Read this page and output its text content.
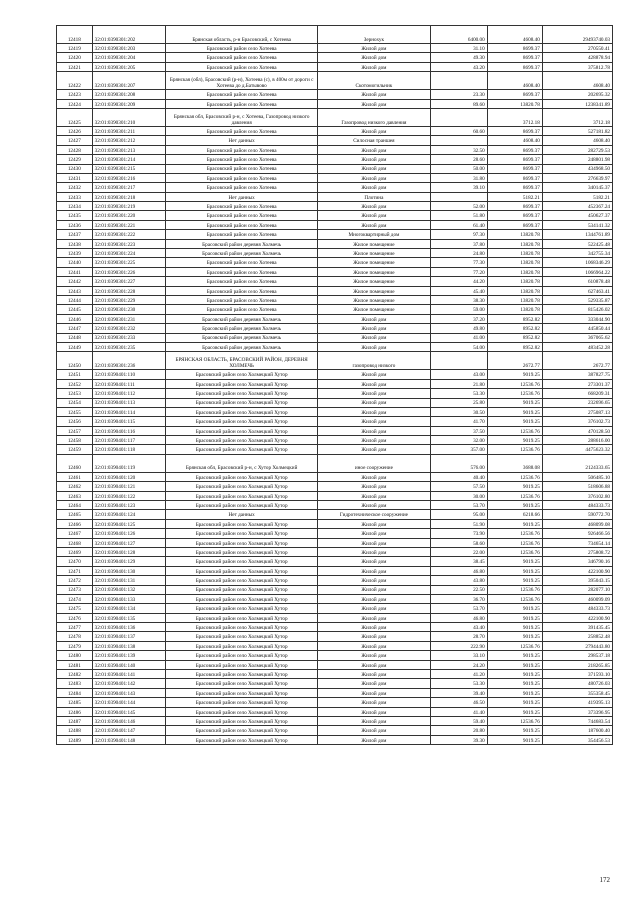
12418	32:01:0390301:202	Брянская область, р-н Брасовский, с Хотеева	Зернохук	6400.00	4608.40	29493740.03
12419	32:01:0390301:203	Брасовский район село Хотеева	Жилой дом	31.10	8699.37	270550.41
12420	32:01:0390301:204	Брасовский район село Хотеева	Жилой дом	49.30	8699.37	428878.94
12421	32:01:0390301:205	Брасовский район село Хотеева	Жилой дом	43.20	8699.37	375812.78
12422	32:01:0390301:207	Брянская (обл), Брасовский (р-н), Хотеева (с), в 400м от дороги с Хотеева до д.Батывово	Скотомогильник		4608.40	4608.40
12423	32:01:0390301:208	Брасовский район село Хотеева	Жилой дом	23.30	8699.37	202695.32
12424	32:01:0390301:209	Брасовский район село Хотеева	Жилой дом	89.60	13820.78	1238341.89
12425	32:01:0390301:210	Брянская обл, Брасовский р-н, с Хотеева, Газопровод низкого давления	Газопровод низкого давления		3712.18	3712.18
12426	32:01:0390301:211	Брасовский район село Хотеева	Жилой дом	60.60	8699.37	527181.82
12427	32:01:0390301:212	Нет данных	Силосная траншея		4608.40	4608.40
12428	32:01:0390301:213	Брасовский район село Хотеева	Жилой дом	32.50	8699.37	282729.53
12429	32:01:0390301:214	Брасовский район село Хотеева	Жилой дом	28.60	8699.37	248801.98
12430	32:01:0390301:215	Брасовский район село Хотеева	Жилой дом	50.00	8699.37	434968.50
12431	32:01:0390301:216	Брасовский район село Хотеева	Жилой дом	31.80	8699.37	276639.97
12432	32:01:0390301:217	Брасовский район село Хотеева	Жилой дом	39.10	8699.37	340145.37
12433	32:01:0390301:218	Нет данных	Плотина		5182.21	5182.21
12434	32:01:0390301:219	Брасовский район село Хотеева	Жилой дом	52.00	8699.37	452367.24
12435	32:01:0390301:220	Брасовский район село Хотеева	Жилой дом	51.80	8699.37	450627.37
12436	32:01:0390301:221	Брасовский район село Хотеева	Жилой дом	61.40	8699.37	534141.32
12437	32:01:0390301:222	Брасовский район село Хотеева	Многоквартирный дом	97.30	13820.78	1344761.89
12438	32:01:0390301:223	Брасовский район деревня Холмечь	Жилое помещение	37.80	13820.78	522425.48
12439	32:01:0390301:224	Брасовский район деревня Холмечь	Жилое помещение	24.80	13820.78	342755.34
12440	32:01:0390301:225	Брасовский район село Хотеева	Жилое помещение	77.30	13820.78	1068346.29
12441	32:01:0390301:226	Брасовский район село Хотеева	Жилое помещение	77.20	13820.78	1066964.22
12442	32:01:0390301:227	Брасовский район село Хотеева	Жилое помещение	44.20	13820.78	610878.48
12443	32:01:0390301:228	Брасовский район село Хотеева	Жилое помещение	45.40	13820.78	627463.41
12444	32:01:0390301:229	Брасовский район село Хотеева	Жилое помещение	38.30	13820.78	529335.87
12445	32:01:0390301:230	Брасовский район село Хотеева	Жилое помещение	59.00	13820.78	815426.02
12446	32:01:0390301:231	Брасовский район деревня Холмечь	Жилой дом	37.20	8952.82	333044.90
12447	32:01:0390301:232	Брасовский район деревня Холмечь	Жилой дом	49.80	8952.82	445850.44
12448	32:01:0390301:233	Брасовский район деревня Холмечь	Жилой дом	41.00	8952.82	367065.62
12449	32:01:0390301:235	Брасовский район деревня Холмечь	Жилой дом	54.00	8952.82	483452.28
12450	32:01:0390301:236	БРЯНСКАЯ ОБЛАСТЬ, БРАСОВСКИЙ РАЙОН, ДЕРЕВНЯ ХОЛМЕЧЬ	газопровод низкого		2672.77	2672.77
12451	32:01:0390401:110	Брасовский район село Холмецкий Хутор	Жилой дом	43.00	9019.25	387827.75
12452	32:01:0390401:111	Брасовский район село Холмецкий Хутор	Жилой дом	21.80	12536.76	273301.37
12453	32:01:0390401:112	Брасовский район село Холмецкий Хутор	Жилой дом	53.30	12536.76	668209.31
12454	32:01:0390401:113	Брасовский район село Холмецкий Хутор	Жилой дом	25.80	9019.25	232696.65
12455	32:01:0390401:114	Брасовский район село Холмецкий Хутор	Жилой дом	30.50	9019.25	275087.13
12456	32:01:0390401:115	Брасовский район село Холмецкий Хутор	Жилой дом	41.70	9019.25	376102.73
12457	32:01:0390401:116	Брасовский район село Холмецкий Хутор	Жилой дом	37.50	12536.76	470128.50
12458	32:01:0390401:117	Брасовский район село Холмецкий Хутор	Жилой дом	32.00	9019.25	288616.00
12459	32:01:0390401:118	Брасовский район село Холмецкий Хутор	Жилой дом	357.00	12536.76	4475623.32
12460	32:01:0390401:119	Брянская обл, Брасовский р-н, с Хутор Холмецкий	иное сооружение	576.00	3688.08	2124333.65
12461	32:01:0390401:120	Брасовский район село Холмецкий Хутор	Жилой дом	40.40	12536.76	506485.10
12462	32:01:0390401:121	Брасовский район село Холмецкий Хутор	Жилой дом	57.50	9019.25	518606.88
12463	32:01:0390401:122	Брасовский район село Холмецкий Хутор	Жилой дом	30.00	12536.76	376102.80
12464	32:01:0390401:123	Брасовский район село Холмецкий Хутор	Жилой дом	53.70	9019.25	484333.73
12465	32:01:0390401:124	Нет данных	Гидротехническое сооружение	95.00	6218.66	590772.70
12466	32:01:0390401:125	Брасовский район село Холмецкий Хутор	Жилой дом	51.90	9019.25	468099.08
12467	32:01:0390401:126	Брасовский район село Холмецкий Хутор	Жилой дом	73.90	12536.76	926466.56
12468	32:01:0390401:127	Брасовский район село Холмецкий Хутор	Жилой дом	58.60	12536.76	734654.14
12469	32:01:0390401:128	Брасовский район село Холмецкий Хутор	Жилой дом	22.00	12536.76	275808.72
12470	32:01:0390401:129	Брасовский район село Холмецкий Хутор	Жилой дом	38.45	9019.25	346790.16
12471	32:01:0390401:130	Брасовский район село Холмецкий Хутор	Жилой дом	46.80	9019.25	422100.90
12472	32:01:0390401:131	Брасовский район село Холмецкий Хутор	Жилой дом	43.80	9019.25	395043.15
12473	32:01:0390401:132	Брасовский район село Холмецкий Хутор	Жилой дом	22.50	12536.76	282077.10
12474	32:01:0390401:133	Брасовский район село Холмецкий Хутор	Жилой дом	36.70	12536.76	460099.09
12475	32:01:0390401:134	Брасовский район село Холмецкий Хутор	Жилой дом	53.70	9019.25	484333.73
12476	32:01:0390401:135	Брасовский район село Холмецкий Хутор	Жилой дом	46.80	9019.25	422100.90
12477	32:01:0390401:136	Брасовский район село Холмецкий Хутор	Жилой дом	43.40	9019.25	391435.45
12478	32:01:0390401:137	Брасовский район село Холмецкий Хутор	Жилой дом	28.70	9019.25	258852.48
12479	32:01:0390401:138	Брасовский район село Холмецкий Хутор	Жилой дом	222.90	12536.76	2794443.80
12480	32:01:0390401:139	Брасовский район село Холмецкий Хутор	Жилой дом	33.10	9019.25	298537.18
12481	32:01:0390401:140	Брасовский район село Холмецкий Хутор	Жилой дом	24.20	9019.25	218265.85
12482	32:01:0390401:141	Брасовский район село Холмецкий Хутор	Жилой дом	41.20	9019.25	371593.10
12483	32:01:0390401:142	Брасовский район село Холмецкий Хутор	Жилой дом	53.30	9019.25	480726.03
12484	32:01:0390401:143	Брасовский район село Холмецкий Хутор	Жилой дом	39.40	9019.25	355358.45
12485	32:01:0390401:144	Брасовский район село Холмецкий Хутор	Жилой дом	46.50	9019.25	419395.13
12486	32:01:0390401:145	Брасовский район село Холмецкий Хутор	Жилой дом	41.40	9019.25	373396.95
12487	32:01:0390401:146	Брасовский район село Холмецкий Хутор	Жилой дом	59.40	12536.76	744683.54
12488	32:01:0390401:147	Брасовский район село Холмецкий Хутор	Жилой дом	20.80	9019.25	187600.40
12489	32:01:0390401:148	Брасовский район село Холмецкий Хутор	Жилой дом	39.30	9019.25	354456.53
172
